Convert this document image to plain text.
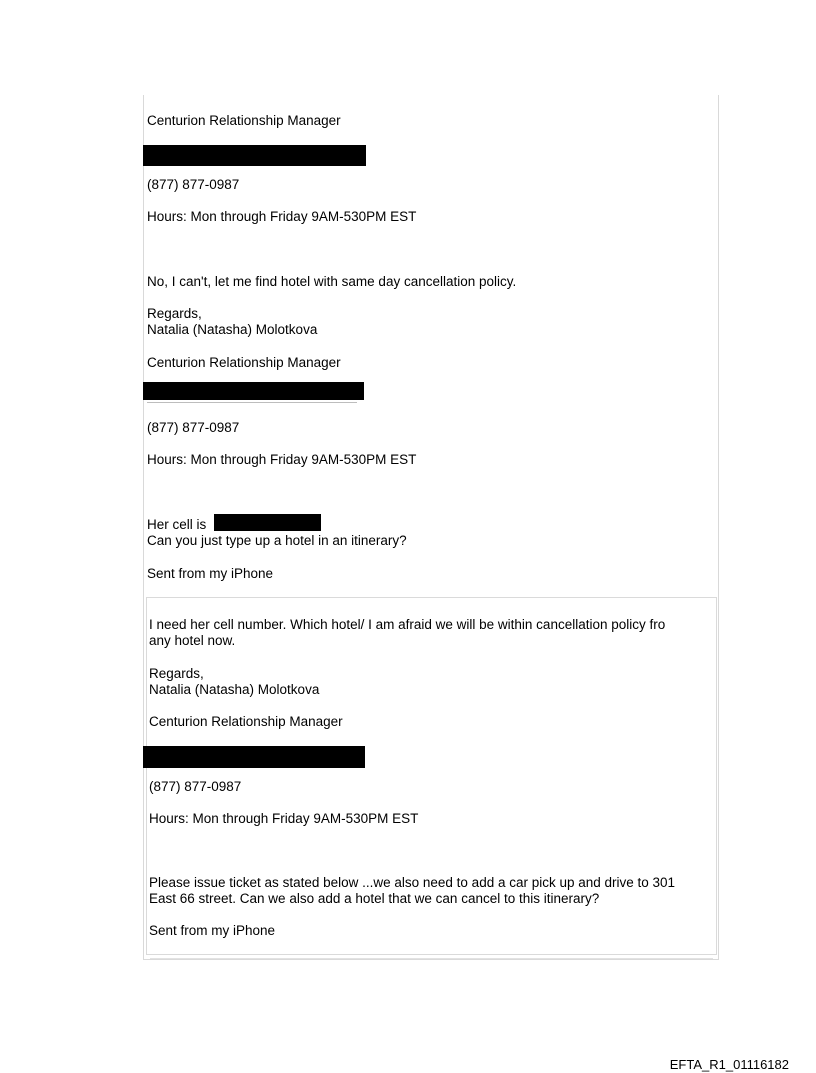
Centurion Relationship Manager
(877) 877-0987
Hours: Mon through Friday 9AM-530PM EST
No, I can't, let me find hotel with same day cancellation policy.
Regards,
Natalia (Natasha) Molotkova
Centurion Relationship Manager
(877) 877-0987
Hours: Mon through Friday 9AM-530PM EST
Her cell is
Can you just type up a hotel in an itinerary?
Sent from my iPhone
I need her cell number. Which hotel/ I am afraid we will be within cancellation policy fro
any hotel now.
Regards,
Natalia (Natasha) Molotkova
Centurion Relationship Manager
(877) 877-0987
Hours: Mon through Friday 9AM-530PM EST
Please issue ticket as stated below ...we also need to add a car pick up and drive to 301
East 66 street. Can we also add a hotel that we can cancel to this itinerary?
Sent from my iPhone
EFTA_R1_01116182
